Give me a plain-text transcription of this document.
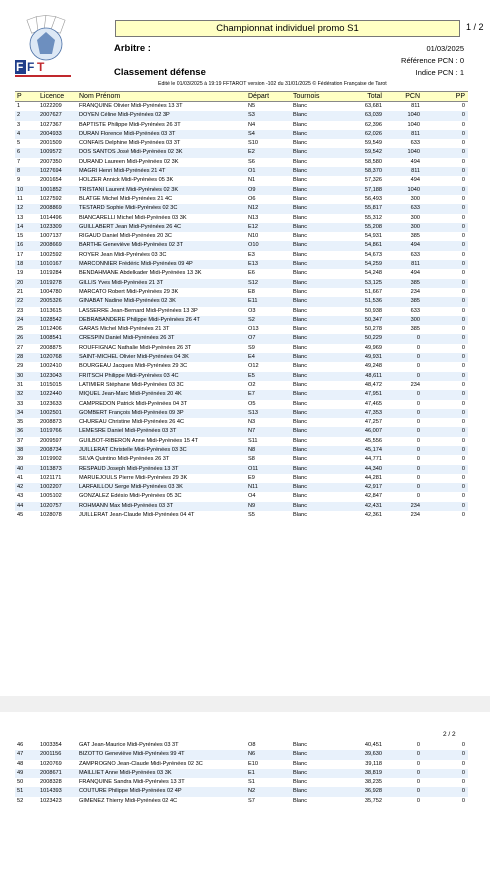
F F T
Championnat individuel promo S1	1 / 2
Arbitre :
Classement défense
01/03/2025
Référence PCN : 0
Indice PCN : 1
Edité le 01/03/2025 à 19:19 FFTAROT version -102 du 31/01/2025 © Fédération Française de Tarot
P	Licence	Nom Prénom	Départ	Tournois	Total	PCN	PP
1	1022209	FRANQUINE Olivier Midi-Pyrénées 13 3T	N5	Blanc	63,681	811	0
2	2007627	DOYEN Céline Midi-Pyrénées 02 3P	S3	Blanc	63,039	1040	0
3	1027367	BAPTISTE Philippe Midi-Pyrénées 26 3T	N4	Blanc	62,396	1040	0
4	2004933	DURAN Florence Midi-Pyrénées 03 3T	S4	Blanc	62,026	811	0
5	2001509	CONFAIS Delphine Midi-Pyrénées 03 3T	S10	Blanc	59,549	633	0
6	1009572	DOS SANTOS José Midi-Pyrénées 02 3K	E2	Blanc	59,542	1040	0
7	2007350	DURAND Laureen Midi-Pyrénées 02 3K	S6	Blanc	58,580	494	0
8	1027694	MAGRI Henri Midi-Pyrénées 21 4T	O1	Blanc	58,370	811	0
9	2001654	HOLZER Annick Midi-Pyrénées 05 3K	N1	Blanc	57,326	494	0
10	1001852	TRISTANI Laurent Midi-Pyrénées 02 3K	O9	Blanc	57,188	1040	0
11	1027592	BLATGE Michel Midi-Pyrénées 21 4C	O6	Blanc	56,493	300	0
12	2008869	TESTARD Sophie Midi-Pyrénées 02 3C	N12	Blanc	55,817	633	0
13	1014496	BIANCARELLI Michel Midi-Pyrénées 03 3K	N13	Blanc	55,312	300	0
14	1023309	GUILLABERT Jean Midi-Pyrénées 26 4C	E12	Blanc	55,208	300	0
15	1007137	RIGAUD Daniel Midi-Pyrénées 20 3C	N10	Blanc	54,931	385	0
16	2008669	BARTHE Geneviève Midi-Pyrénées 02 3T	O10	Blanc	54,861	494	0
17	1002592	ROYER Jean Midi-Pyrénées 03 3C	E3	Blanc	54,673	633	0
18	1010167	MARCONNIER Frédéric Midi-Pyrénées 09 4P	E13	Blanc	54,259	811	0
19	1019284	BENDAHMANE Abdelkader Midi-Pyrénées 13 3K	E6	Blanc	54,248	494	0
20	1019278	GILLIS Yves Midi-Pyrénées 21 3T	S12	Blanc	53,125	385	0
21	1004780	MARCATO Robert Midi-Pyrénées 29 3K	E8	Blanc	51,667	234	0
22	2005326	GINABAT Nadine Midi-Pyrénées 02 3K	E11	Blanc	51,536	385	0
23	1013615	LASSERRE Jean-Bernard Midi-Pyrénées 13 3P	O3	Blanc	50,938	633	0
24	1028542	DEBRABANDERE Philippe Midi-Pyrénées 26 4T	S2	Blanc	50,347	300	0
25	1012406	GARAS Michel Midi-Pyrénées 21 3T	O13	Blanc	50,278	385	0
26	1008541	CRESPIN Daniel Midi-Pyrénées 26 3T	O7	Blanc	50,229	0	0
27	2008875	ROUFFIGNAC Nathalie Midi-Pyrénées 26 3T	S9	Blanc	49,969	0	0
28	1020768	SAINT-MICHEL Olivier Midi-Pyrénées 04 3K	E4	Blanc	49,931	0	0
29	1002410	BOURGEAU Jacques Midi-Pyrénées 29 3C	O12	Blanc	49,248	0	0
30	1023043	FRITSCH Philippe Midi-Pyrénées 03 4C	E5	Blanc	48,611	0	0
31	1015015	LATIMIER Stéphane Midi-Pyrénées 03 3C	O2	Blanc	48,472	234	0
32	1022440	MIQUEL Jean-Marc Midi-Pyrénées 20 4K	E7	Blanc	47,951	0	0
33	1023633	CAMPREDON Patrick Midi-Pyrénées 04 3T	O5	Blanc	47,465	0	0
34	1002501	GOMBERT François Midi-Pyrénées 09 3P	S13	Blanc	47,353	0	0
35	2008873	CHUREAU Christine Midi-Pyrénées 26 4C	N3	Blanc	47,257	0	0
36	1019766	LEMESRE Daniel Midi-Pyrénées 03 3T	N7	Blanc	46,007	0	0
37	2009597	GUILBOT-RIBERON Anne Midi-Pyrénées 15 4T	S11	Blanc	45,556	0	0
38	2008734	JUILLERAT Christelle Midi-Pyrénées 03 3C	N8	Blanc	45,174	0	0
39	1019902	SILVA Quintino Midi-Pyrénées 26 3T	S8	Blanc	44,771	0	0
40	1013873	RESPAUD Joseph Midi-Pyrénées 13 3T	O11	Blanc	44,340	0	0
41	1021171	MARUEJOULS Pierre Midi-Pyrénées 29 3K	E9	Blanc	44,281	0	0
42	1002207	LARFAILLOU Serge Midi-Pyrénées 03 3K	N11	Blanc	42,917	0	0
43	1005102	GONZALEZ Edésio Midi-Pyrénées 05 3C	O4	Blanc	42,847	0	0
44	1020757	ROHMANN Max Midi-Pyrénées 03 3T	N9	Blanc	42,431	234	0
45	1028078	JUILLERAT Jean-Claude Midi-Pyrénées 04 4T	S5	Blanc	42,361	234	0
2 / 2
46	1003354	GAT Jean-Maurice Midi-Pyrénées 03 3T	O8	Blanc	40,451	0	0
47	2001156	BIZOTTO Geneviève Midi-Pyrénées 99 4T	N6	Blanc	39,630	0	0
48	1020769	ZAMPROGNO Jean-Claude Midi-Pyrénées 02 3C	E10	Blanc	39,118	0	0
49	2008671	MAILLIET Anne Midi-Pyrénées 03 3K	E1	Blanc	38,819	0	0
50	2008328	FRANQUINE Sandra Midi-Pyrénées 13 3T	S1	Blanc	38,235	0	0
51	1014393	COUTURE Philippe Midi-Pyrénées 02 4P	N2	Blanc	36,928	0	0
52	1023423	GIMENEZ Thierry Midi-Pyrénées 02 4C	S7	Blanc	35,752	0	0
